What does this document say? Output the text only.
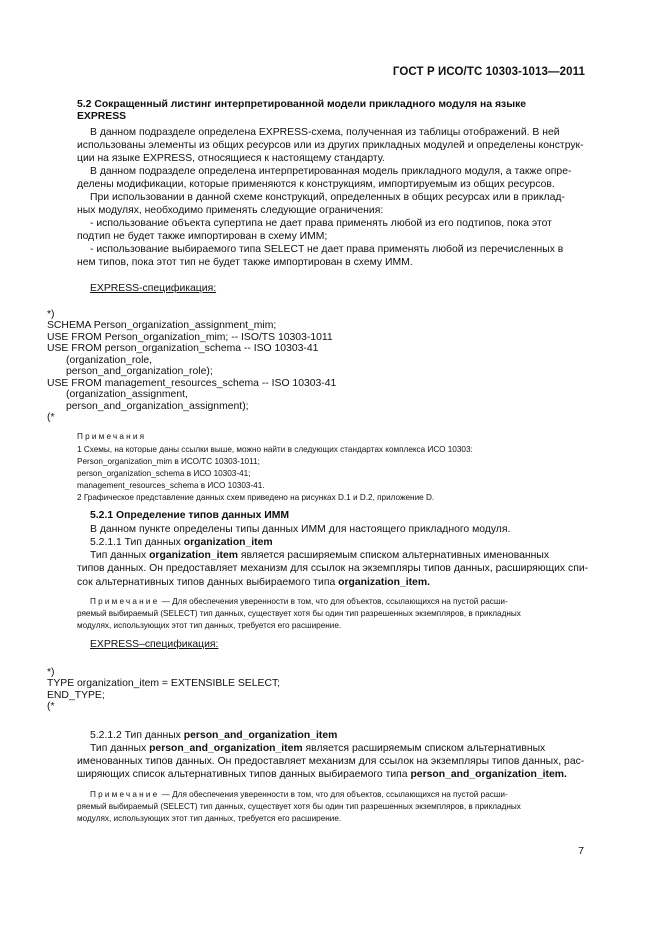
ГОСТ Р ИСО/ТС 10303-1013—2011
5.2 Сокращенный листинг интерпретированной модели прикладного модуля на языке
EXPRESS
В данном подразделе определена EXPRESS-схема, полученная из таблицы отображений. В ней
использованы элементы из общих ресурсов или из других прикладных модулей и определены конструк-
ции на языке EXPRESS, относящиеся к настоящему стандарту.
В данном подразделе определена интерпретированная модель прикладного модуля, а также опре-
делены модификации, которые применяются к конструкциям, импортируемым из общих ресурсов.
При использовании в данной схеме конструкций, определенных в общих ресурсах или в приклад-
ных модулях, необходимо применять следующие ограничения:
- использование объекта супертипа не дает права применять любой из его подтипов, пока этот
подтип не будет также импортирован в схему ИММ;
- использование выбираемого типа SELECT не дает права применять любой из перечисленных в
нем типов, пока этот тип не будет также импортирован в схему ИММ.
EXPRESS-спецификация:
*)
SCHEMA Person_organization_assignment_mim;
USE FROM Person_organization_mim; -- ISO/TS 10303-1011
USE FROM person_organization_schema -- ISO 10303-41
(organization_role,
person_and_organization_role);
USE FROM management_resources_schema -- ISO 10303-41
(organization_assignment,
person_and_organization_assignment);
(*
Примечания
1 Схемы, на которые даны ссылки выше, можно найти в следующих стандартах комплекса ИСО 10303:
Person_organization_mim в ИСО/ТС 10303-1011;
person_organization_schema в ИСО 10303-41;
management_resources_schema в ИСО 10303-41.
2 Графическое представление данных схем приведено на рисунках D.1 и D.2, приложение D.
5.2.1 Определение типов данных ИММ
В данном пункте определены типы данных ИММ для настоящего прикладного модуля.
5.2.1.1 Тип данных organization_item
Тип данных organization_item является расширяемым списком альтернативных именованных
типов данных. Он предоставляет механизм для ссылок на экземпляры типов данных, расширяющих спи-
сок альтернативных типов данных выбираемого типа organization_item.
Примечание — Для обеспечения уверенности в том, что для объектов, ссылающихся на пустой расши-
ряемый выбираемый (SELECT) тип данных, существует хотя бы один тип разрешенных экземпляров, в прикладных
модулях, использующих этот тип данных, требуется его расширение.
EXPRESS–спецификация:
*)
TYPE organization_item = EXTENSIBLE SELECT;
END_TYPE;
(*
5.2.1.2 Тип данных person_and_organization_item
Тип данных person_and_organization_item является расширяемым списком альтернативных
именованных типов данных. Он предоставляет механизм для ссылок на экземпляры типов данных, рас-
ширяющих список альтернативных типов данных выбираемого типа person_and_organization_item.
Примечание — Для обеспечения уверенности в том, что для объектов, ссылающихся на пустой расши-
ряемый выбираемый (SELECT) тип данных, существует хотя бы один тип разрешенных экземпляров, в прикладных
модулях, использующих этот тип данных, требуется его расширение.
7
